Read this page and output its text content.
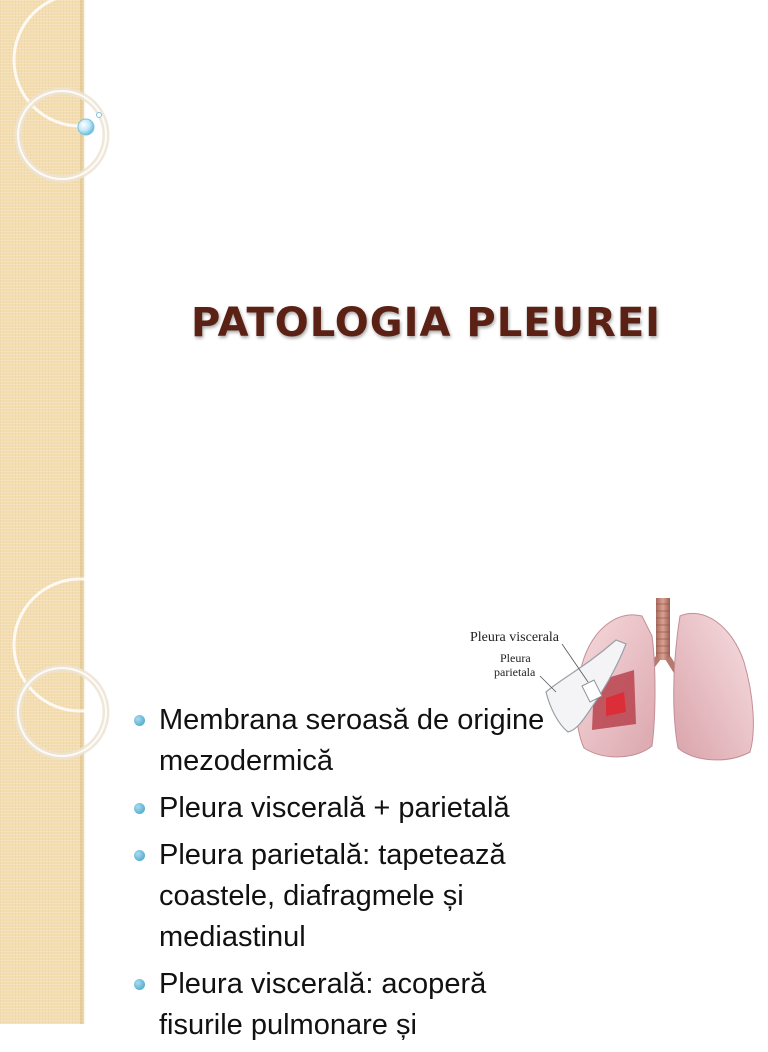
PATOLOGIA PLEUREI
Pleura viscerala
Pleura
parietala
Membrana seroasă de origine mezodermică
Pleura viscerală + parietală
Pleura parietală: tapetează coastele, diafragmele și mediastinul
Pleura viscerală: acoperă fisurile pulmonare și
